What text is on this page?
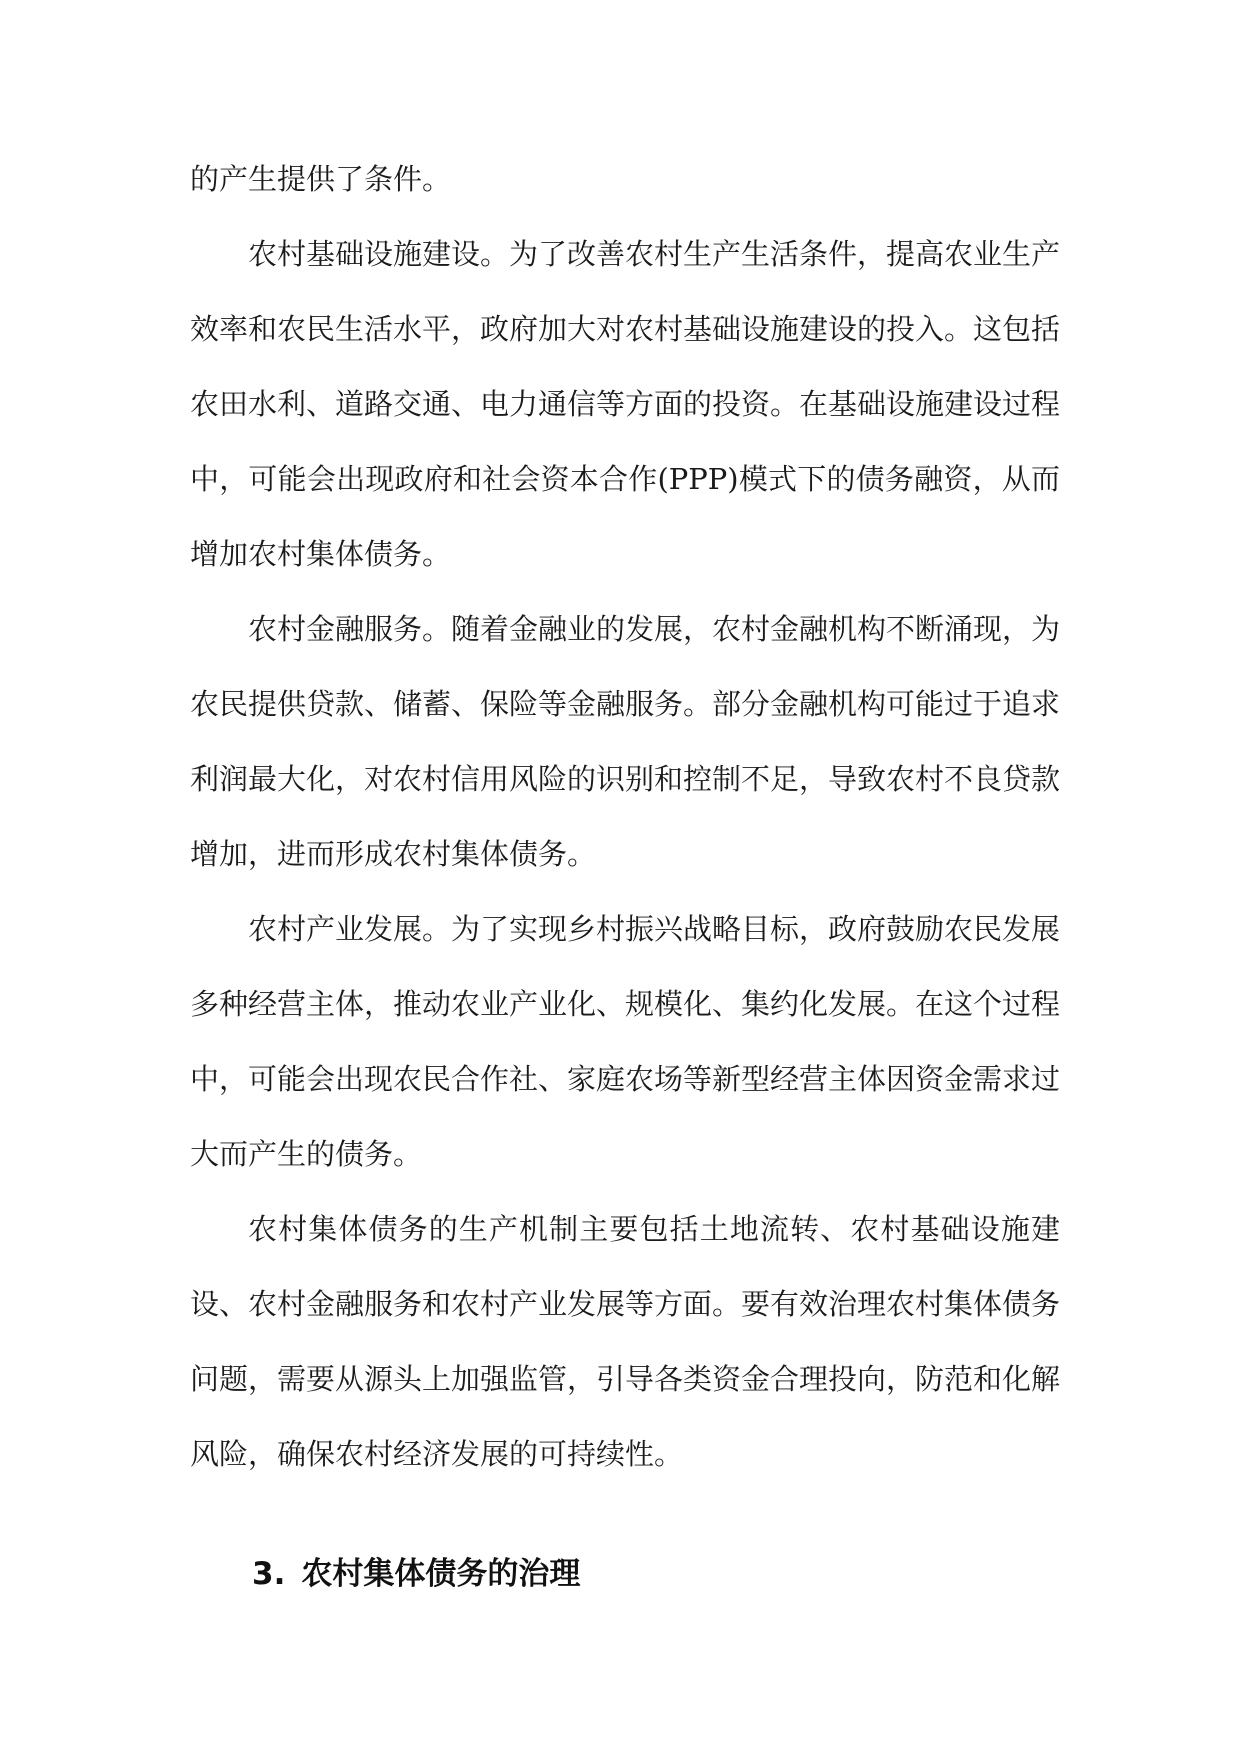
的产生提供了条件。

农村基础设施建设。为了改善农村生产生活条件，提高农业生产效率和农民生活水平，政府加大对农村基础设施建设的投入。这包括农田水利、道路交通、电力通信等方面的投资。在基础设施建设过程中，可能会出现政府和社会资本合作(PPP)模式下的债务融资，从而增加农村集体债务。

农村金融服务。随着金融业的发展，农村金融机构不断涌现，为农民提供贷款、储蓄、保险等金融服务。部分金融机构可能过于追求利润最大化，对农村信用风险的识别和控制不足，导致农村不良贷款增加，进而形成农村集体债务。

农村产业发展。为了实现乡村振兴战略目标，政府鼓励农民发展多种经营主体，推动农业产业化、规模化、集约化发展。在这个过程中，可能会出现农民合作社、家庭农场等新型经营主体因资金需求过大而产生的债务。

农村集体债务的生产机制主要包括土地流转、农村基础设施建设、农村金融服务和农村产业发展等方面。要有效治理农村集体债务问题，需要从源头上加强监管，引导各类资金合理投向，防范和化解风险，确保农村经济发展的可持续性。

3. 农村集体债务的治理
